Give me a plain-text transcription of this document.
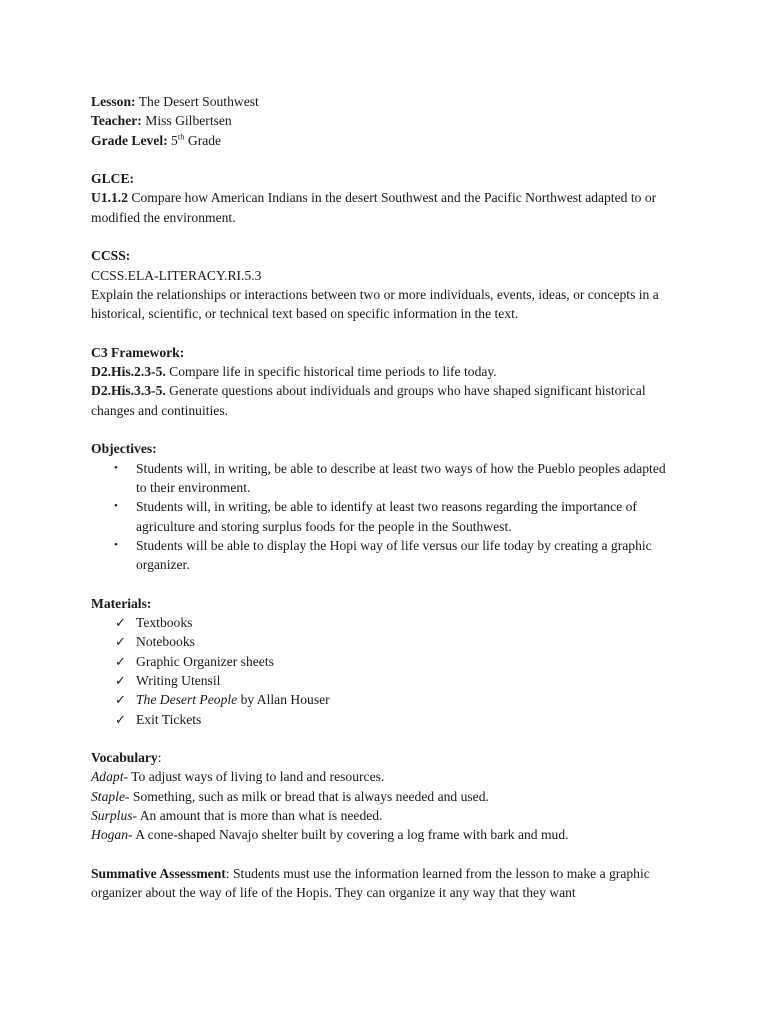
Lesson: The Desert Southwest

Teacher: Miss Gilbertsen

Grade Level: 5th Grade

GLCE:

U1.1.2 Compare how American Indians in the desert Southwest and the Pacific Northwest adapted to or modified the environment.

CCSS:

CCSS.ELA-LITERACY.RI.5.3

Explain the relationships or interactions between two or more individuals, events, ideas, or concepts in a historical, scientific, or technical text based on specific information in the text.

C3 Framework:

D2.His.2.3-5. Compare life in specific historical time periods to life today.

D2.His.3.3-5. Generate questions about individuals and groups who have shaped significant historical changes and continuities.

Objectives:

• Students will, in writing, be able to describe at least two ways of how the Pueblo peoples adapted to their environment.
• Students will, in writing, be able to identify at least two reasons regarding the importance of agriculture and storing surplus foods for the people in the Southwest.
• Students will be able to display the Hopi way of life versus our life today by creating a graphic organizer.

Materials:

✓ Textbooks
✓ Notebooks
✓ Graphic Organizer sheets
✓ Writing Utensil
✓ The Desert People by Allan Houser
✓ Exit Tickets

Vocabulary:

Adapt- To adjust ways of living to land and resources.

Staple- Something, such as milk or bread that is always needed and used.

Surplus- An amount that is more than what is needed.

Hogan- A cone-shaped Navajo shelter built by covering a log frame with bark and mud.

Summative Assessment: Students must use the information learned from the lesson to make a graphic organizer about the way of life of the Hopis. They can organize it any way that they want
